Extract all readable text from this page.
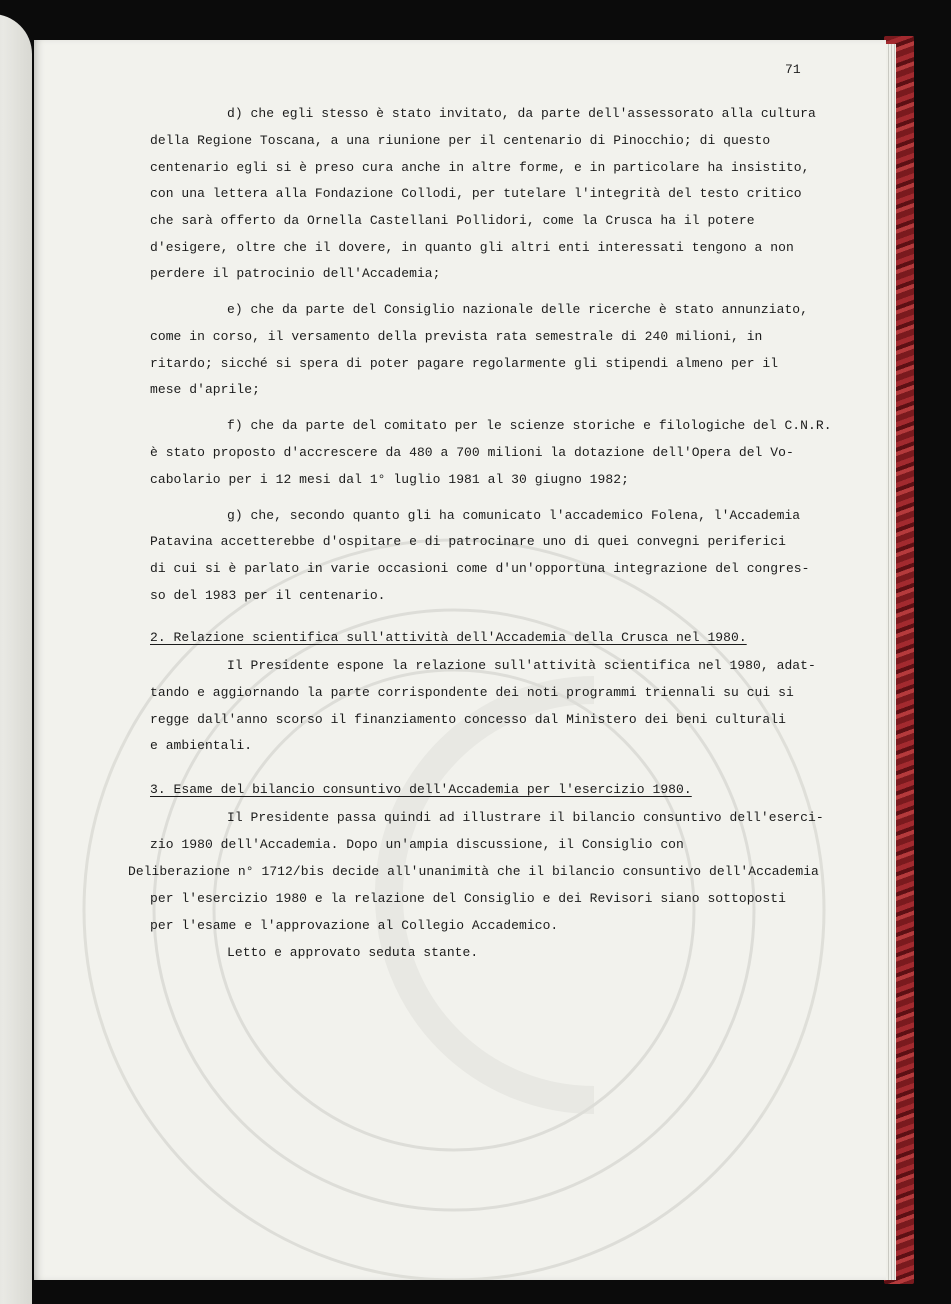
71
d) che egli stesso è stato invitato, da parte dell'assessorato alla cultura
della Regione Toscana, a una riunione per il centenario di Pinocchio; di questo
centenario egli si è preso cura anche in altre forme, e in particolare ha insistito,
con una lettera alla Fondazione Collodi, per tutelare l'integrità del testo critico
che sarà offerto da Ornella Castellani Pollidori, come la Crusca ha il potere
d'esigere, oltre che il dovere, in quanto gli altri enti interessati tengono a non
perdere il patrocinio dell'Accademia;
e) che da parte del Consiglio nazionale delle ricerche è stato annunziato,
come in corso, il versamento della prevista rata semestrale di 240 milioni, in
ritardo; sicché si spera di poter pagare regolarmente gli stipendi almeno per il
mese d'aprile;
f) che da parte del comitato per le scienze storiche e filologiche del C.N.R.
è stato proposto d'accrescere da 480 a 700 milioni la dotazione dell'Opera del Vo-
cabolario per i 12 mesi dal 1° luglio 1981 al 30 giugno 1982;
g) che, secondo quanto gli ha comunicato l'accademico Folena, l'Accademia
Patavina accetterebbe d'ospitare e di patrocinare uno di quei convegni periferici
di cui si è parlato in varie occasioni come d'un'opportuna integrazione del congres-
so del 1983 per il centenario.
2. Relazione scientifica sull'attività dell'Accademia della Crusca nel 1980.
Il Presidente espone la relazione sull'attività scientifica nel 1980, adat-
tando e aggiornando la parte corrispondente dei noti programmi triennali su cui si
regge dall'anno scorso il finanziamento concesso dal Ministero dei beni culturali
e ambientali.
3. Esame del bilancio consuntivo dell'Accademia per l'esercizio 1980.
Il Presidente passa quindi ad illustrare il bilancio consuntivo dell'eserci-
zio 1980 dell'Accademia. Dopo un'ampia discussione, il Consiglio con
Deliberazione n° 1712/bis decide all'unanimità che il bilancio consuntivo dell'Accademia
per l'esercizio 1980 e la relazione del Consiglio e dei Revisori siano sottoposti
per l'esame e l'approvazione al Collegio Accademico.
Letto e approvato seduta stante.
